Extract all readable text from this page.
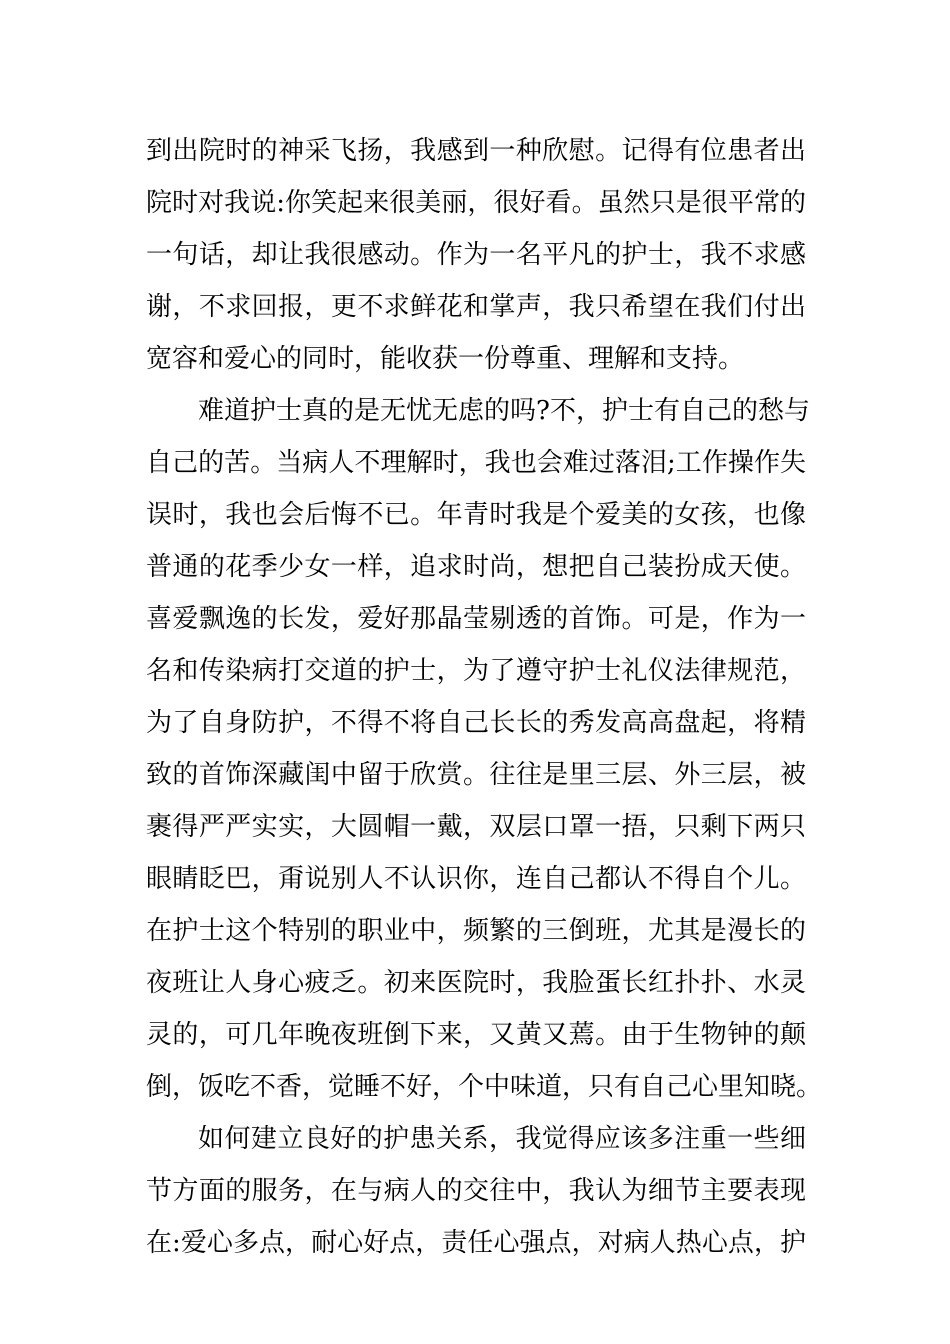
到出院时的神采飞扬，我感到一种欣慰。记得有位患者出
院时对我说:你笑起来很美丽，很好看。虽然只是很平常的
一句话，却让我很感动。作为一名平凡的护士，我不求感
谢，不求回报，更不求鲜花和掌声，我只希望在我们付出
宽容和爱心的同时，能收获一份尊重、理解和支持。
难道护士真的是无忧无虑的吗?不，护士有自己的愁与
自己的苦。当病人不理解时，我也会难过落泪;工作操作失
误时，我也会后悔不已。年青时我是个爱美的女孩，也像
普通的花季少女一样，追求时尚，想把自己装扮成天使。
喜爱飘逸的长发，爱好那晶莹剔透的首饰。可是，作为一
名和传染病打交道的护士，为了遵守护士礼仪法律规范，
为了自身防护，不得不将自己长长的秀发高高盘起，将精
致的首饰深藏闺中留于欣赏。往往是里三层、外三层，被
裹得严严实实，大圆帽一戴，双层口罩一捂，只剩下两只
眼睛眨巴，甭说别人不认识你，连自己都认不得自个儿。
在护士这个特别的职业中，频繁的三倒班，尤其是漫长的
夜班让人身心疲乏。初来医院时，我脸蛋长红扑扑、水灵
灵的，可几年晚夜班倒下来，又黄又蔫。由于生物钟的颠
倒，饭吃不香，觉睡不好，个中味道，只有自己心里知晓。
如何建立良好的护患关系，我觉得应该多注重一些细
节方面的服务，在与病人的交往中，我认为细节主要表现
在:爱心多点，耐心好点，责任心强点，对病人热心点，护
